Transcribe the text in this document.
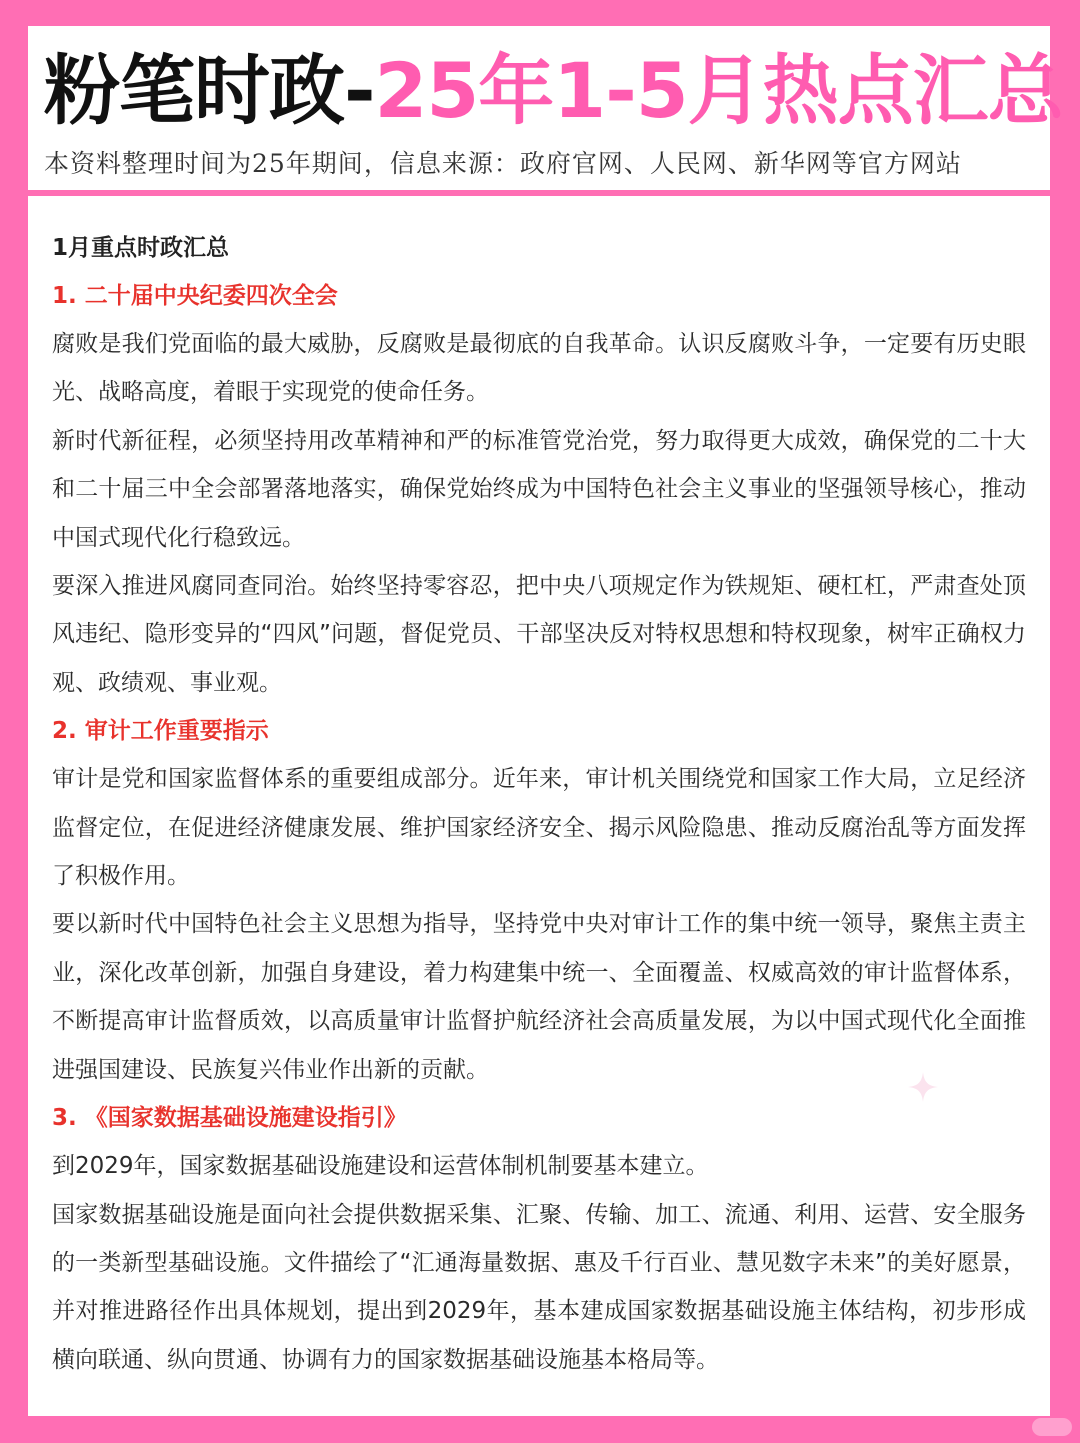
粉笔时政-25年1-5月热点汇总
本资料整理时间为25年期间，信息来源：政府官网、人民网、新华网等官方网站
1月重点时政汇总
1. 二十届中央纪委四次全会

腐败是我们党面临的最大威胁，反腐败是最彻底的自我革命。认识反腐败斗争，一定要有历史眼光、战略高度，着眼于实现党的使命任务。

新时代新征程，必须坚持用改革精神和严的标准管党治党，努力取得更大成效，确保党的二十大和二十届三中全会部署落地落实，确保党始终成为中国特色社会主义事业的坚强领导核心，推动中国式现代化行稳致远。

要深入推进风腐同查同治。始终坚持零容忍，把中央八项规定作为铁规矩、硬杠杠，严肃查处顶风违纪、隐形变异的“四风”问题，督促党员、干部坚决反对特权思想和特权现象，树牢正确权力观、政绩观、事业观。

2. 审计工作重要指示

审计是党和国家监督体系的重要组成部分。近年来，审计机关围绕党和国家工作大局，立足经济监督定位，在促进经济健康发展、维护国家经济安全、揭示风险隐患、推动反腐治乱等方面发挥了积极作用。

要以新时代中国特色社会主义思想为指导，坚持党中央对审计工作的集中统一领导，聚焦主责主业，深化改革创新，加强自身建设，着力构建集中统一、全面覆盖、权威高效的审计监督体系，不断提高审计监督质效，以高质量审计监督护航经济社会高质量发展，为以中国式现代化全面推进强国建设、民族复兴伟业作出新的贡献。

3. 《国家数据基础设施建设指引》

到2029年，国家数据基础设施建设和运营体制机制要基本建立。

国家数据基础设施是面向社会提供数据采集、汇聚、传输、加工、流通、利用、运营、安全服务的一类新型基础设施。文件描绘了“汇通海量数据、惠及千行百业、慧见数字未来”的美好愿景，并对推进路径作出具体规划，提出到2029年，基本建成国家数据基础设施主体结构，初步形成横向联通、纵向贯通、协调有力的国家数据基础设施基本格局等。
